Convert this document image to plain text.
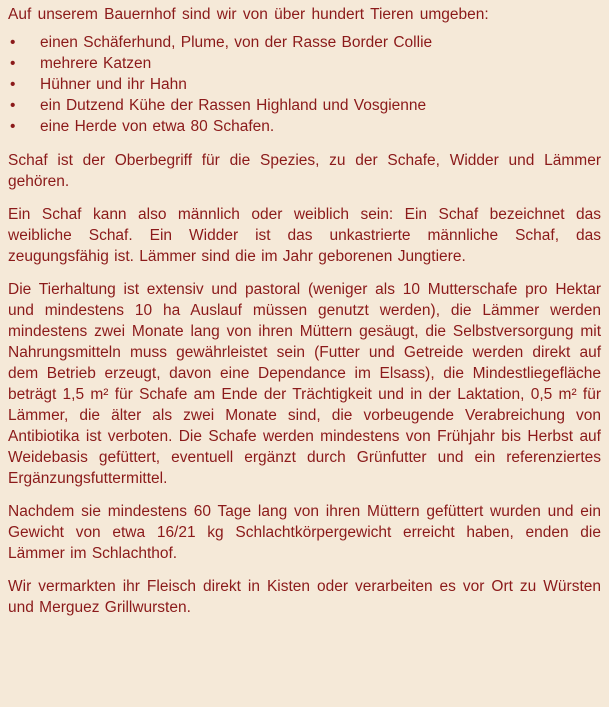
Auf unserem Bauernhof sind wir von über hundert Tieren umgeben:
• einen Schäferhund, Plume, von der Rasse Border Collie
• mehrere Katzen
• Hühner und ihr Hahn
• ein Dutzend Kühe der Rassen Highland und Vosgienne
• eine Herde von etwa 80 Schafen.

Schaf ist der Oberbegriff für die Spezies, zu der Schafe, Widder und Lämmer gehören.

Ein Schaf kann also männlich oder weiblich sein: Ein Schaf bezeichnet das weibliche Schaf. Ein Widder ist das unkastrierte männliche Schaf, das zeugungsfähig ist. Lämmer sind die im Jahr geborenen Jungtiere.

Die Tierhaltung ist extensiv und pastoral (weniger als 10 Mutterschafe pro Hektar und mindestens 10 ha Auslauf müssen genutzt werden), die Lämmer werden mindestens zwei Monate lang von ihren Müttern gesäugt, die Selbstversorgung mit Nahrungsmitteln muss gewährleistet sein (Futter und Getreide werden direkt auf dem Betrieb erzeugt, davon eine Dependance im Elsass), die Mindestliegefläche beträgt 1,5 m² für Schafe am Ende der Trächtigkeit und in der Laktation, 0,5 m² für Lämmer, die älter als zwei Monate sind, die vorbeugende Verabreichung von Antibiotika ist verboten. Die Schafe werden mindestens von Frühjahr bis Herbst auf Weidebasis gefüttert, eventuell ergänzt durch Grünfutter und ein referenziertes Ergänzungsfuttermittel.

Nachdem sie mindestens 60 Tage lang von ihren Müttern gefüttert wurden und ein Gewicht von etwa 16/21 kg Schlachtkörpergewicht erreicht haben, enden die Lämmer im Schlachthof.

Wir vermarkten ihr Fleisch direkt in Kisten oder verarbeiten es vor Ort zu Würsten und Merguez Grillwursten.
